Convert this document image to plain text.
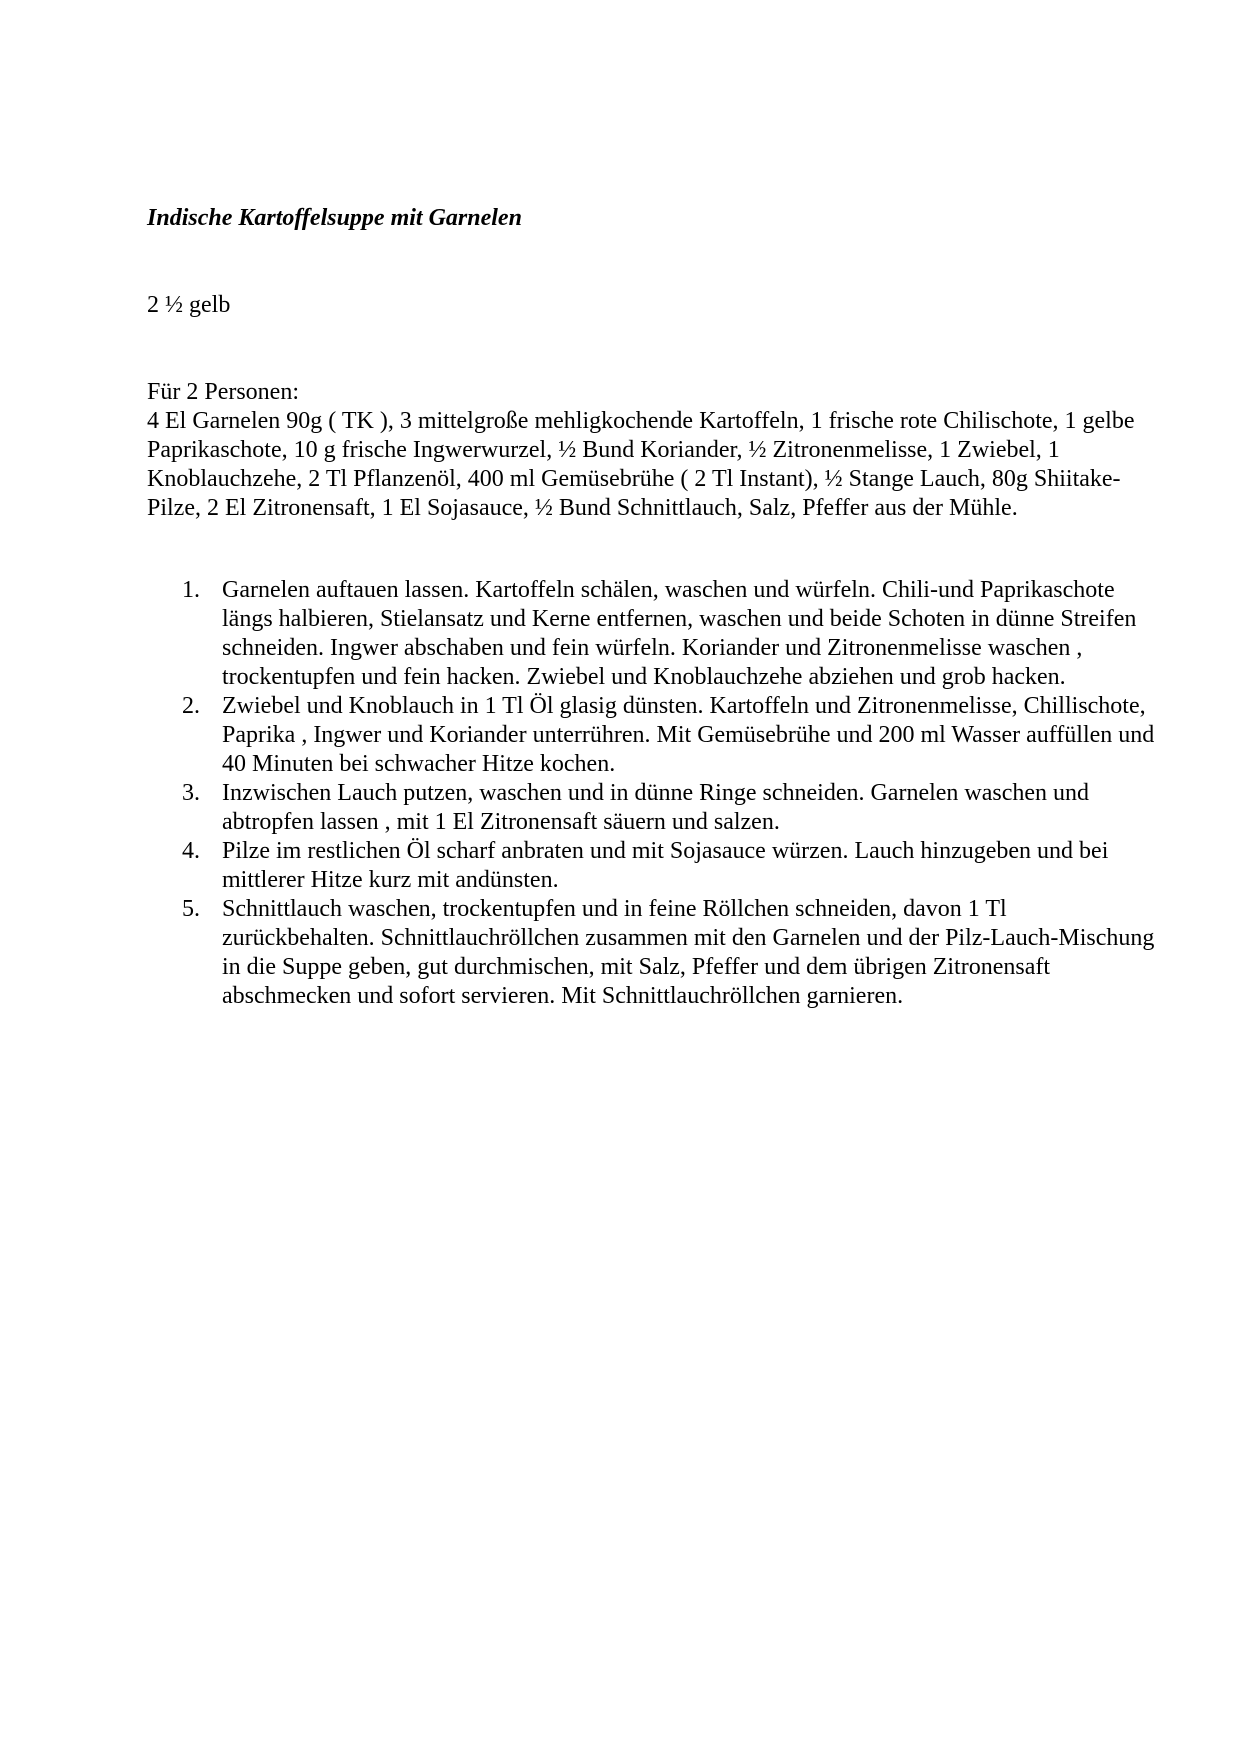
Indische Kartoffelsuppe mit Garnelen
2 ½ gelb
Für 2 Personen:
4 El Garnelen 90g ( TK ), 3 mittelgroße mehligkochende Kartoffeln, 1 frische rote Chilischote, 1 gelbe
Paprikaschote, 10 g frische Ingwerwurzel, ½ Bund Koriander, ½ Zitronenmelisse, 1 Zwiebel, 1
Knoblauchzehe, 2 Tl Pflanzenöl, 400 ml Gemüsebrühe ( 2 Tl Instant), ½ Stange Lauch, 80g Shiitake-
Pilze, 2 El Zitronensaft, 1 El Sojasauce, ½ Bund Schnittlauch, Salz, Pfeffer aus der Mühle.
1. Garnelen auftauen lassen. Kartoffeln schälen, waschen und würfeln. Chili-und Paprikaschote
längs halbieren, Stielansatz und Kerne entfernen, waschen und beide Schoten in dünne Streifen
schneiden. Ingwer abschaben und fein würfeln. Koriander und Zitronenmelisse waschen ,
trockentupfen und fein hacken. Zwiebel und Knoblauchzehe abziehen und grob hacken.
2. Zwiebel und Knoblauch in 1 Tl Öl glasig dünsten. Kartoffeln und Zitronenmelisse, Chillischote,
Paprika , Ingwer und Koriander unterrühren. Mit Gemüsebrühe und 200 ml Wasser auffüllen und
40 Minuten bei schwacher Hitze kochen.
3. Inzwischen Lauch putzen, waschen und in dünne Ringe schneiden. Garnelen waschen und
abtropfen lassen , mit 1 El Zitronensaft säuern und salzen.
4. Pilze im restlichen Öl scharf anbraten und mit Sojasauce würzen. Lauch hinzugeben und bei
mittlerer Hitze kurz mit andünsten.
5. Schnittlauch waschen, trockentupfen und in feine Röllchen schneiden, davon 1 Tl
zurückbehalten. Schnittlauchröllchen zusammen mit den Garnelen und der Pilz-Lauch-Mischung
in die Suppe geben, gut durchmischen, mit Salz, Pfeffer und dem übrigen Zitronensaft
abschmecken und sofort servieren. Mit Schnittlauchröllchen garnieren.
